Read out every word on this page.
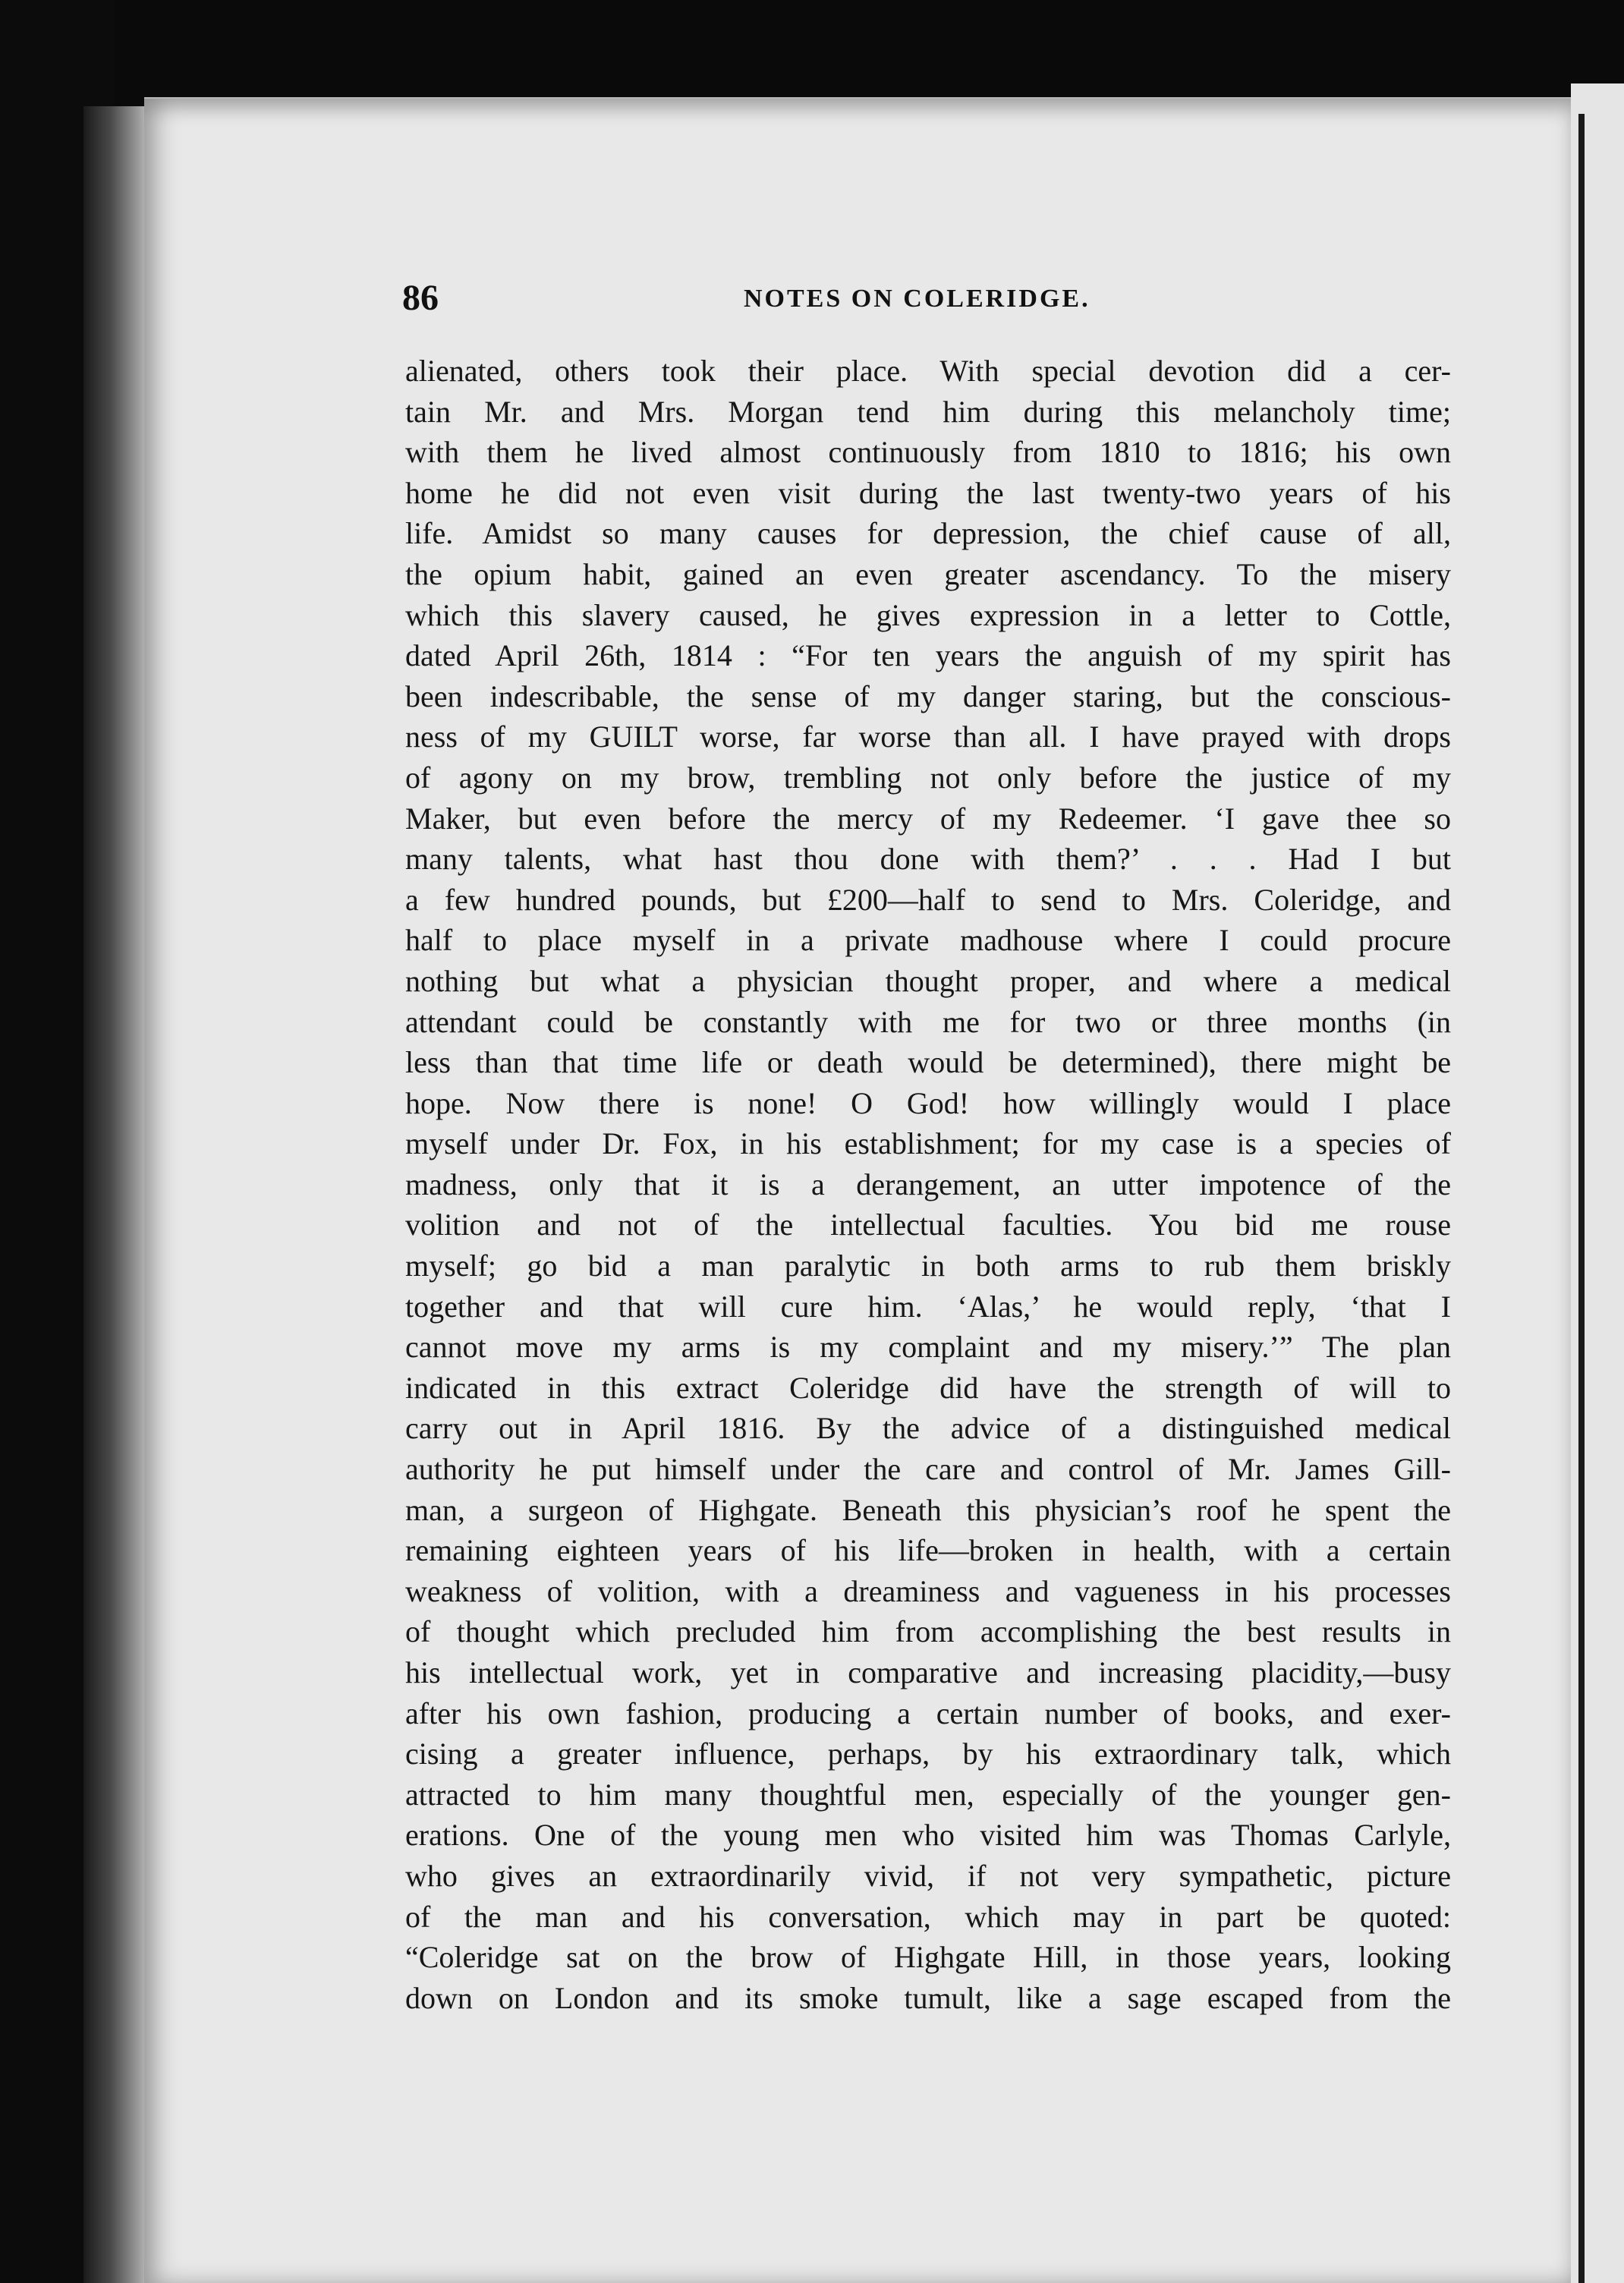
86	NOTES ON COLERIDGE.
alienated, others took their place. With special devotion did a cer-
tain Mr. and Mrs. Morgan tend him during this melancholy time;
with them he lived almost continuously from 1810 to 1816; his own
home he did not even visit during the last twenty-two years of his
life. Amidst so many causes for depression, the chief cause of all,
the opium habit, gained an even greater ascendancy. To the misery
which this slavery caused, he gives expression in a letter to Cottle,
dated April 26th, 1814 : “For ten years the anguish of my spirit has
been indescribable, the sense of my danger staring, but the conscious-
ness of my GUILT worse, far worse than all. I have prayed with drops
of agony on my brow, trembling not only before the justice of my
Maker, but even before the mercy of my Redeemer. ‘I gave thee so
many talents, what hast thou done with them?’ . . . Had I but
a few hundred pounds, but £200—half to send to Mrs. Coleridge, and
half to place myself in a private madhouse where I could procure
nothing but what a physician thought proper, and where a medical
attendant could be constantly with me for two or three months (in
less than that time life or death would be determined), there might be
hope. Now there is none! O God! how willingly would I place
myself under Dr. Fox, in his establishment; for my case is a species of
madness, only that it is a derangement, an utter impotence of the
volition and not of the intellectual faculties. You bid me rouse
myself; go bid a man paralytic in both arms to rub them briskly
together and that will cure him. ‘Alas,’ he would reply, ‘that I
cannot move my arms is my complaint and my misery.’” The plan
indicated in this extract Coleridge did have the strength of will to
carry out in April 1816. By the advice of a distinguished medical
authority he put himself under the care and control of Mr. James Gill-
man, a surgeon of Highgate. Beneath this physician’s roof he spent the
remaining eighteen years of his life—broken in health, with a certain
weakness of volition, with a dreaminess and vagueness in his processes
of thought which precluded him from accomplishing the best results in
his intellectual work, yet in comparative and increasing placidity,—busy
after his own fashion, producing a certain number of books, and exer-
cising a greater influence, perhaps, by his extraordinary talk, which
attracted to him many thoughtful men, especially of the younger gen-
erations. One of the young men who visited him was Thomas Carlyle,
who gives an extraordinarily vivid, if not very sympathetic, picture
of the man and his conversation, which may in part be quoted:
“Coleridge sat on the brow of Highgate Hill, in those years, looking
down on London and its smoke tumult, like a sage escaped from the
